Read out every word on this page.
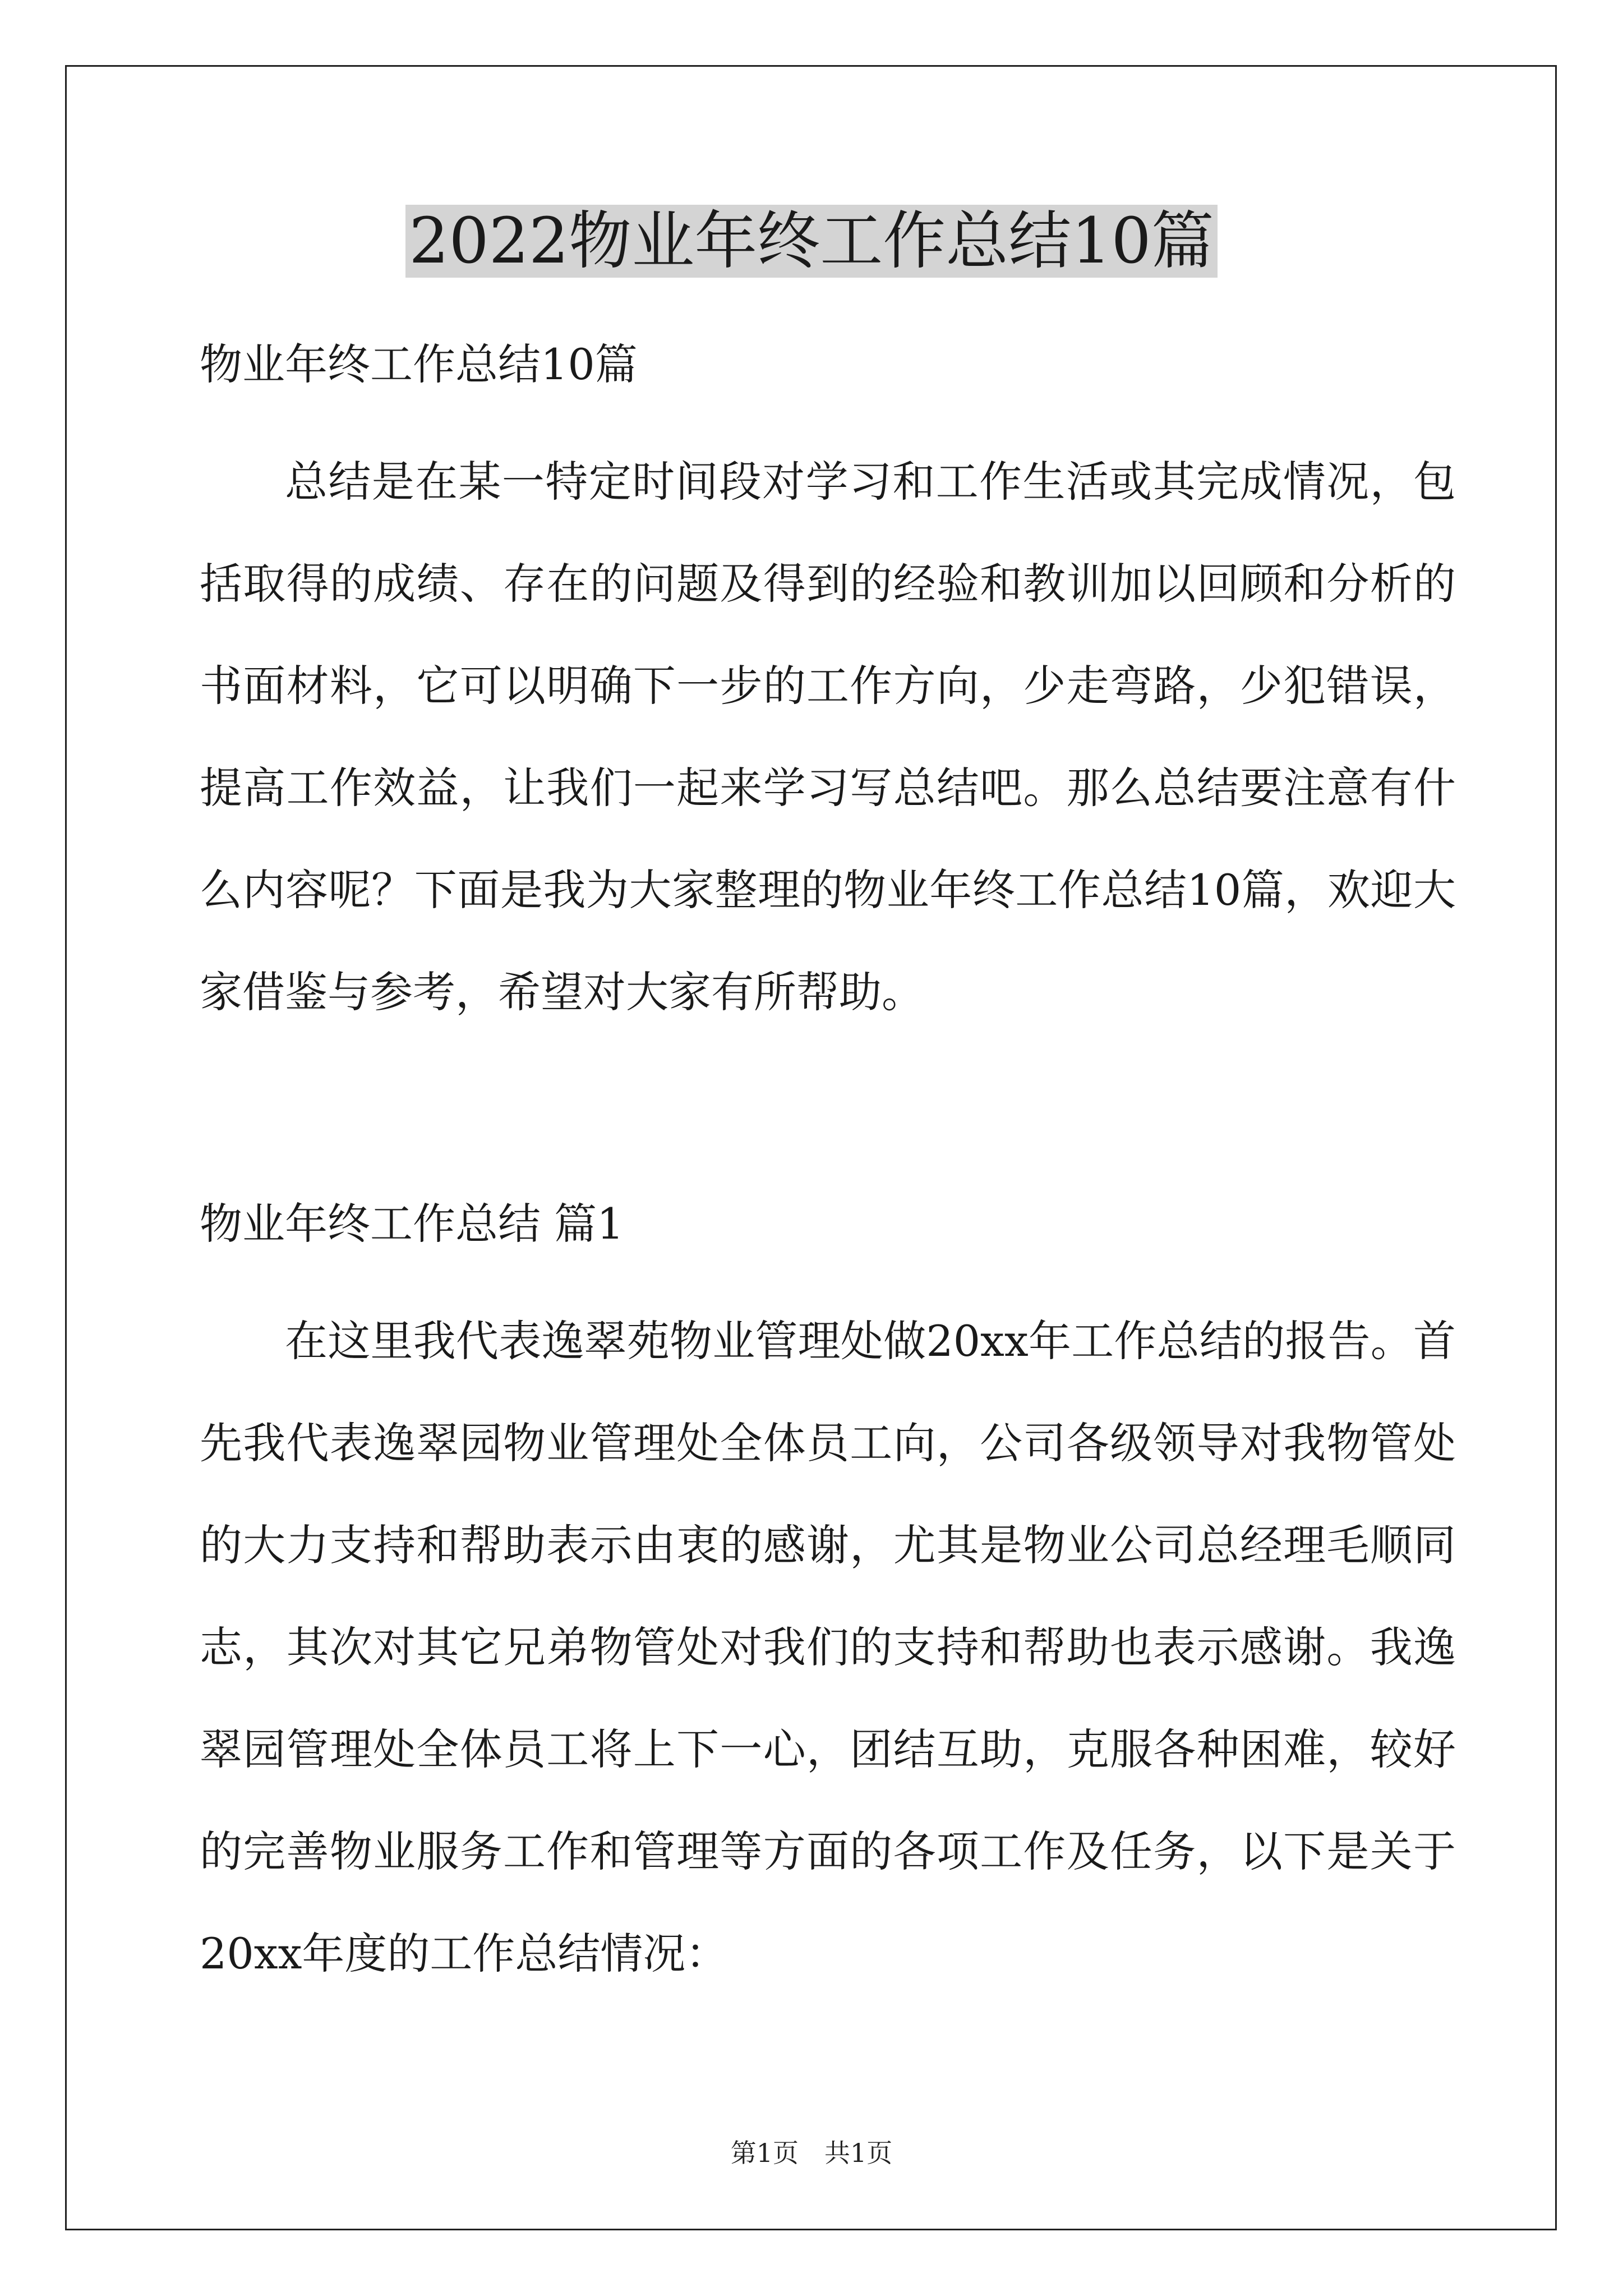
2022物业年终工作总结10篇

物业年终工作总结10篇

总结是在某一特定时间段对学习和工作生活或其完成情况，包括取得的成绩、存在的问题及得到的经验和教训加以回顾和分析的书面材料，它可以明确下一步的工作方向，少走弯路，少犯错误，提高工作效益，让我们一起来学习写总结吧。那么总结要注意有什么内容呢？下面是我为大家整理的物业年终工作总结10篇，欢迎大家借鉴与参考，希望对大家有所帮助。

物业年终工作总结 篇1

在这里我代表逸翠苑物业管理处做20xx年工作总结的报告。首先我代表逸翠园物业管理处全体员工向，公司各级领导对我物管处的大力支持和帮助表示由衷的感谢，尤其是物业公司总经理毛顺同志，其次对其它兄弟物管处对我们的支持和帮助也表示感谢。我逸翠园管理处全体员工将上下一心，团结互助，克服各种困难，较好的完善物业服务工作和管理等方面的各项工作及任务，以下是关于20xx年度的工作总结情况：

第1页　共1页
